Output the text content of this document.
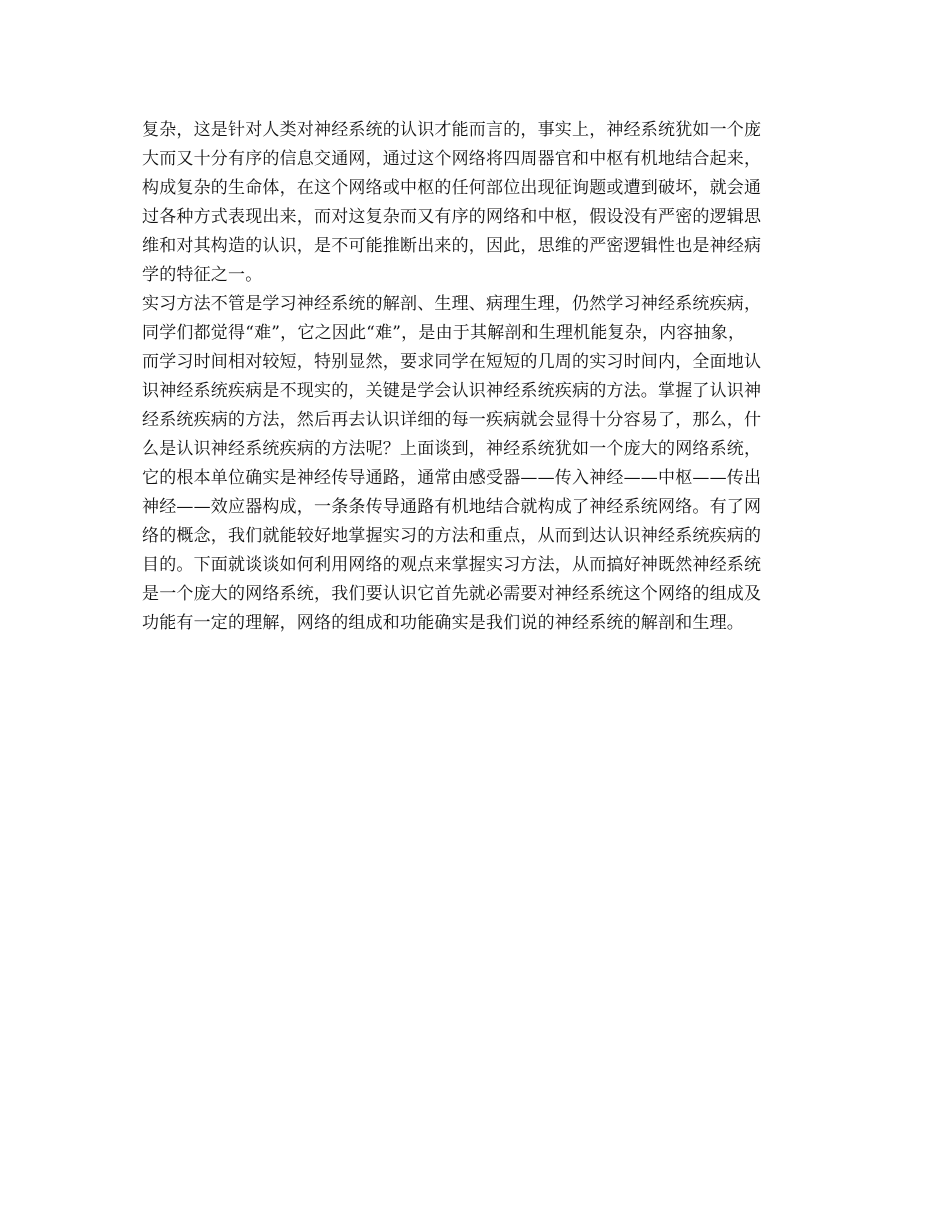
复杂，这是针对人类对神经系统的认识才能而言的，事实上，神经系统犹如一个庞
大而又十分有序的信息交通网，通过这个网络将四周器官和中枢有机地结合起来，
构成复杂的生命体，在这个网络或中枢的任何部位出现征询题或遭到破坏，就会通
过各种方式表现出来，而对这复杂而又有序的网络和中枢，假设没有严密的逻辑思
维和对其构造的认识，是不可能推断出来的，因此，思维的严密逻辑性也是神经病
学的特征之一。
实习方法不管是学习神经系统的解剖、生理、病理生理，仍然学习神经系统疾病，
同学们都觉得“难”，它之因此“难”，是由于其解剖和生理机能复杂，内容抽象，
而学习时间相对较短，特别显然，要求同学在短短的几周的实习时间内，全面地认
识神经系统疾病是不现实的，关键是学会认识神经系统疾病的方法。掌握了认识神
经系统疾病的方法，然后再去认识详细的每一疾病就会显得十分容易了，那么，什
么是认识神经系统疾病的方法呢？上面谈到，神经系统犹如一个庞大的网络系统，
它的根本单位确实是神经传导通路，通常由感受器——传入神经——中枢——传出
神经——效应器构成，一条条传导通路有机地结合就构成了神经系统网络。有了网
络的概念，我们就能较好地掌握实习的方法和重点，从而到达认识神经系统疾病的
目的。下面就谈谈如何利用网络的观点来掌握实习方法，从而搞好神既然神经系统
是一个庞大的网络系统，我们要认识它首先就必需要对神经系统这个网络的组成及
功能有一定的理解，网络的组成和功能确实是我们说的神经系统的解剖和生理。
